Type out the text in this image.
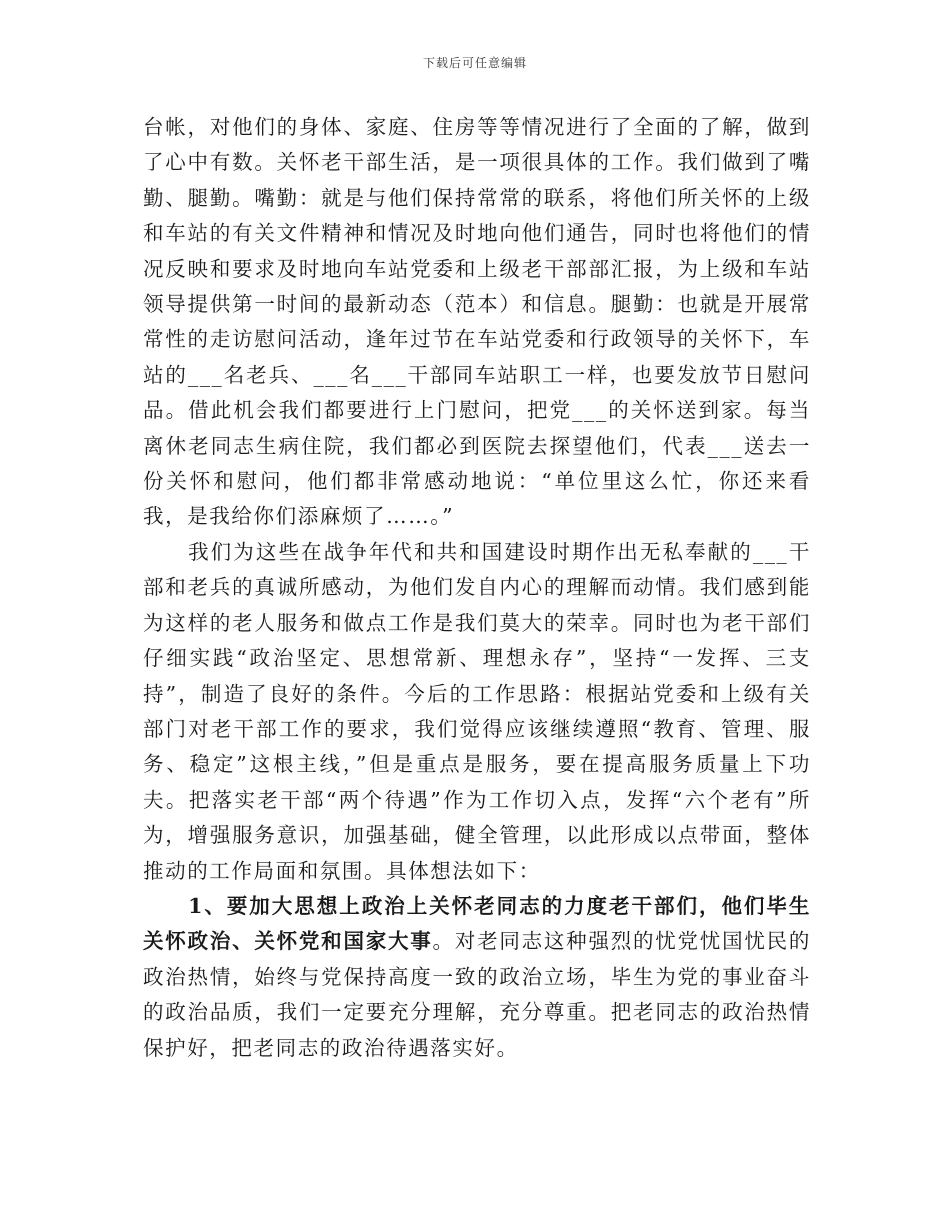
下载后可任意编辑

台帐，对他们的身体、家庭、住房等等情况进行了全面的了解，做到了心中有数。关怀老干部生活，是一项很具体的工作。我们做到了嘴勤、腿勤。嘴勤：就是与他们保持常常的联系，将他们所关怀的上级和车站的有关文件精神和情况及时地向他们通告，同时也将他们的情况反映和要求及时地向车站党委和上级老干部部汇报，为上级和车站领导提供第一时间的最新动态（范本）和信息。腿勤：也就是开展常常性的走访慰问活动，逢年过节在车站党委和行政领导的关怀下，车站的___名老兵、___名___干部同车站职工一样，也要发放节日慰问品。借此机会我们都要进行上门慰问，把党___的关怀送到家。每当离休老同志生病住院，我们都必到医院去探望他们，代表___送去一份关怀和慰问，他们都非常感动地说：“单位里这么忙，你还来看我，是我给你们添麻烦了……。”

我们为这些在战争年代和共和国建设时期作出无私奉献的___干部和老兵的真诚所感动，为他们发自内心的理解而动情。我们感到能为这样的老人服务和做点工作是我们莫大的荣幸。同时也为老干部们仔细实践“政治坚定、思想常新、理想永存”，坚持“一发挥、三支持”，制造了良好的条件。今后的工作思路：根据站党委和上级有关部门对老干部工作的要求，我们觉得应该继续遵照“教育、管理、服务、稳定”这根主线，”但是重点是服务，要在提高服务质量上下功夫。把落实老干部“两个待遇”作为工作切入点，发挥“六个老有”所为，增强服务意识，加强基础，健全管理，以此形成以点带面，整体推动的工作局面和氛围。具体想法如下：

1、要加大思想上政治上关怀老同志的力度老干部们，他们毕生关怀政治、关怀党和国家大事。对老同志这种强烈的忧党忧国忧民的政治热情，始终与党保持高度一致的政治立场，毕生为党的事业奋斗的政治品质，我们一定要充分理解，充分尊重。把老同志的政治热情保护好，把老同志的政治待遇落实好。
